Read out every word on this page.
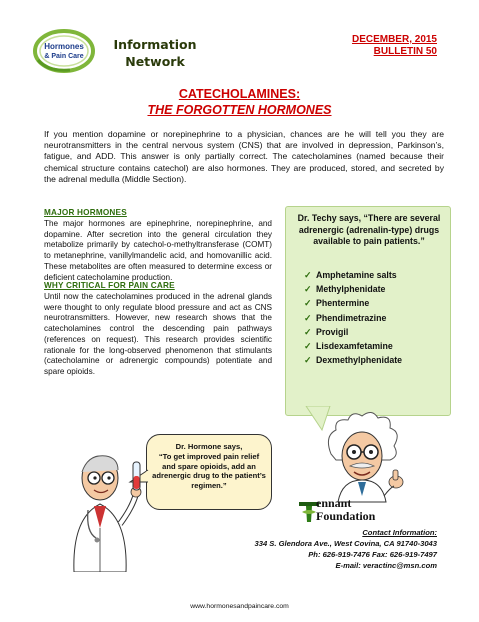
Hormones
& Pain Care
Information
Network
DECEMBER, 2015
BULLETIN 50
CATECHOLAMINES:
THE FORGOTTEN HORMONES

If you mention dopamine or norepinephrine to a physician, chances are he will tell you they are neurotransmitters in the central nervous system (CNS) that are involved in depression, Parkinson’s, fatigue, and ADD. This answer is only partially correct. The catecholamines (named because their chemical structure contains catechol) are also hormones. They are produced, stored, and secreted by the adrenal medulla (Middle Section).

MAJOR HORMONES

The major hormones are epinephrine, norepinephrine, and dopamine. After secretion into the general circulation they metabolize primarily by catechol-o-methyltransferase (COMT) to metanephrine, vanillylmandelic acid, and homovanillic acid. These metabolites are often measured to determine excess or deficient catecholamine production.

WHY CRITICAL FOR PAIN CARE

Until now the catecholamines produced in the adrenal glands were thought to only regulate blood pressure and act as CNS neurotransmitters. However, new research shows that the catecholamines control the descending pain pathways (references on request). This research provides scientific rationale for the long-observed phenomenon that stimulants (catecholamine or adrenergic compounds) potentiate and spare opioids.

Dr. Techy says, “There are several adrenergic (adrenalin-type) drugs available to pain patients.”
✓ Amphetamine salts
✓ Methylphenidate
✓ Phentermine
✓ Phendimetrazine
✓ Provigil
✓ Lisdexamfetamine
✓ Dexmethylphenidate
Dr. Hormone says,
“To get improved pain relief and spare opioids, add an adrenergic drug to the patient’s regimen.”
ennant
Foundation
Contact Information:
334 S. Glendora Ave., West Covina, CA 91740-3043
Ph: 626-919-7476 Fax: 626-919-7497
E-mail: veractinc@msn.com
www.hormonesandpaincare.com
